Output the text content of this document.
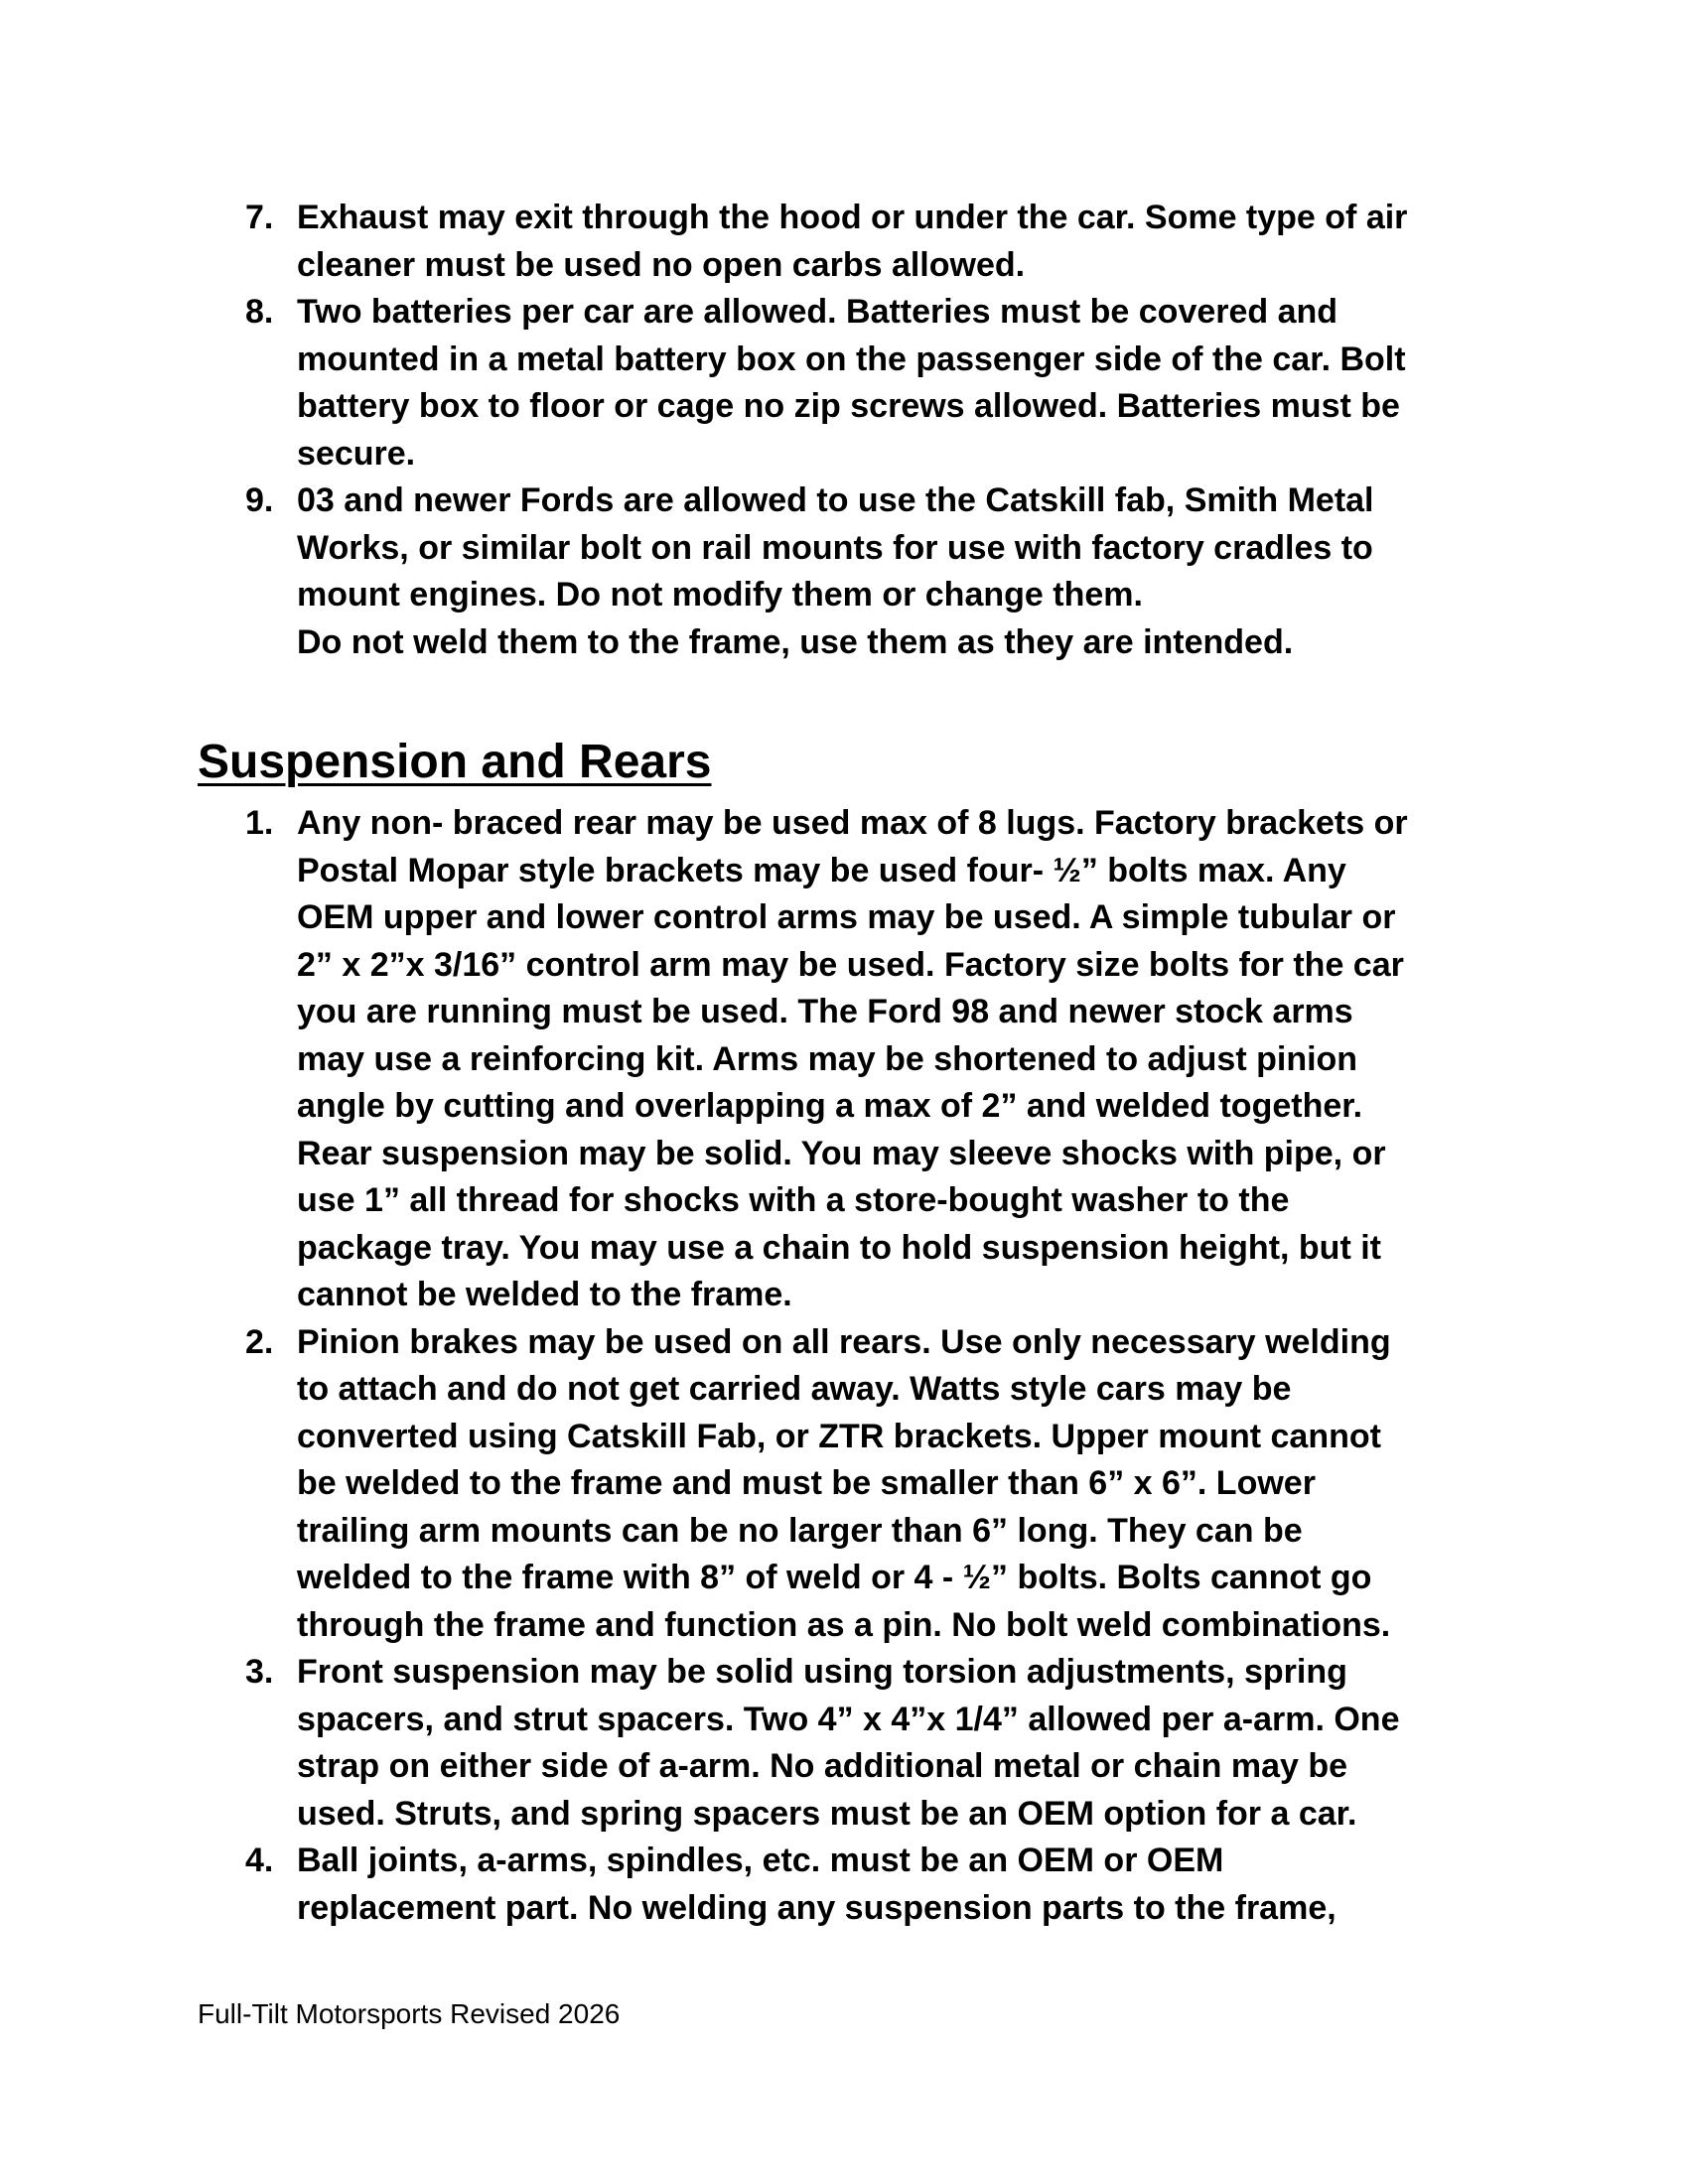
7. Exhaust may exit through the hood or under the car. Some type of air
cleaner must be used no open carbs allowed.
8. Two batteries per car are allowed. Batteries must be covered and
mounted in a metal battery box on the passenger side of the car. Bolt
battery box to floor or cage no zip screws allowed. Batteries must be
secure.
9. 03 and newer Fords are allowed to use the Catskill fab, Smith Metal
Works, or similar bolt on rail mounts for use with factory cradles to
mount engines. Do not modify them or change them.
Do not weld them to the frame, use them as they are intended.
Suspension and Rears
1. Any non- braced rear may be used max of 8 lugs. Factory brackets or
Postal Mopar style brackets may be used four- ½” bolts max. Any
OEM upper and lower control arms may be used. A simple tubular or
2” x 2”x 3/16” control arm may be used. Factory size bolts for the car
you are running must be used. The Ford 98 and newer stock arms
may use a reinforcing kit. Arms may be shortened to adjust pinion
angle by cutting and overlapping a max of 2” and welded together.
Rear suspension may be solid. You may sleeve shocks with pipe, or
use 1” all thread for shocks with a store-bought washer to the
package tray. You may use a chain to hold suspension height, but it
cannot be welded to the frame.
2. Pinion brakes may be used on all rears. Use only necessary welding
to attach and do not get carried away. Watts style cars may be
converted using Catskill Fab, or ZTR brackets. Upper mount cannot
be welded to the frame and must be smaller than 6” x 6”. Lower
trailing arm mounts can be no larger than 6” long. They can be
welded to the frame with 8” of weld or 4 - ½” bolts. Bolts cannot go
through the frame and function as a pin. No bolt weld combinations.
3. Front suspension may be solid using torsion adjustments, spring
spacers, and strut spacers. Two 4” x 4”x 1/4” allowed per a-arm. One
strap on either side of a-arm. No additional metal or chain may be
used. Struts, and spring spacers must be an OEM option for a car.
4. Ball joints, a-arms, spindles, etc. must be an OEM or OEM
replacement part. No welding any suspension parts to the frame,
Full-Tilt Motorsports Revised 2026
